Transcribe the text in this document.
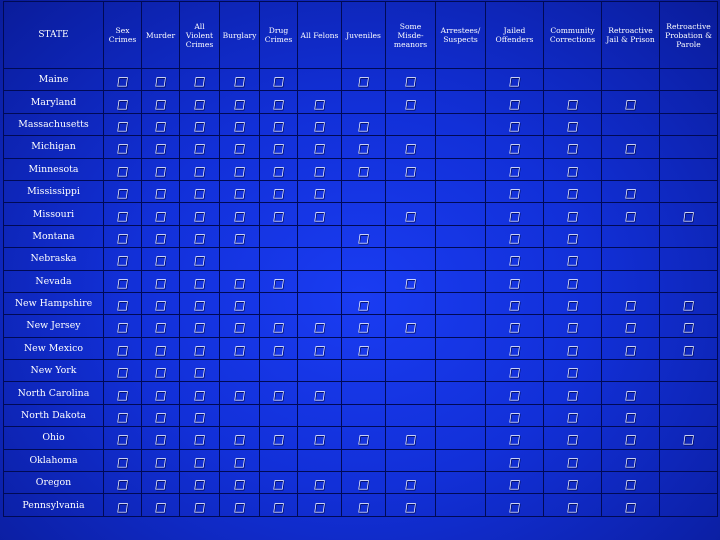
STATE	Sex Crimes	Murder	All Violent Crimes	Burglary	Drug Crimes	All Felons	Juveniles	Some Misde-meanors	Arrestees/ Suspects	Jailed Offenders	Community Corrections	Retroactive Jail & Prison	Retroactive Probation & Parole
Maine	□	□	□	□	□		□	□		□			
Maryland	□	□	□	□	□	□		□		□	□	□	
Massachusetts	□	□	□	□	□	□	□			□	□		
Michigan	□	□	□	□	□	□	□	□		□	□	□	
Minnesota	□	□	□	□	□	□	□	□		□	□		
Mississippi	□	□	□	□	□	□				□	□	□	
Missouri	□	□	□	□	□	□		□		□	□	□	□
Montana	□	□	□	□			□			□	□		
Nebraska	□	□	□							□	□		
Nevada	□	□	□	□	□			□		□	□		
New Hampshire	□	□	□	□			□			□	□	□	□
New Jersey	□	□	□	□	□	□	□	□		□	□	□	□
New Mexico	□	□	□	□	□	□	□			□	□	□	□
New York	□	□	□							□	□		
North Carolina	□	□	□	□	□	□				□	□	□	
North Dakota	□	□	□							□	□	□	
Ohio	□	□	□	□	□	□	□	□		□	□	□	□
Oklahoma	□	□	□	□						□	□	□	
Oregon	□	□	□	□	□	□	□	□		□	□	□	
Pennsylvania	□	□	□	□	□	□	□	□		□	□	□	
